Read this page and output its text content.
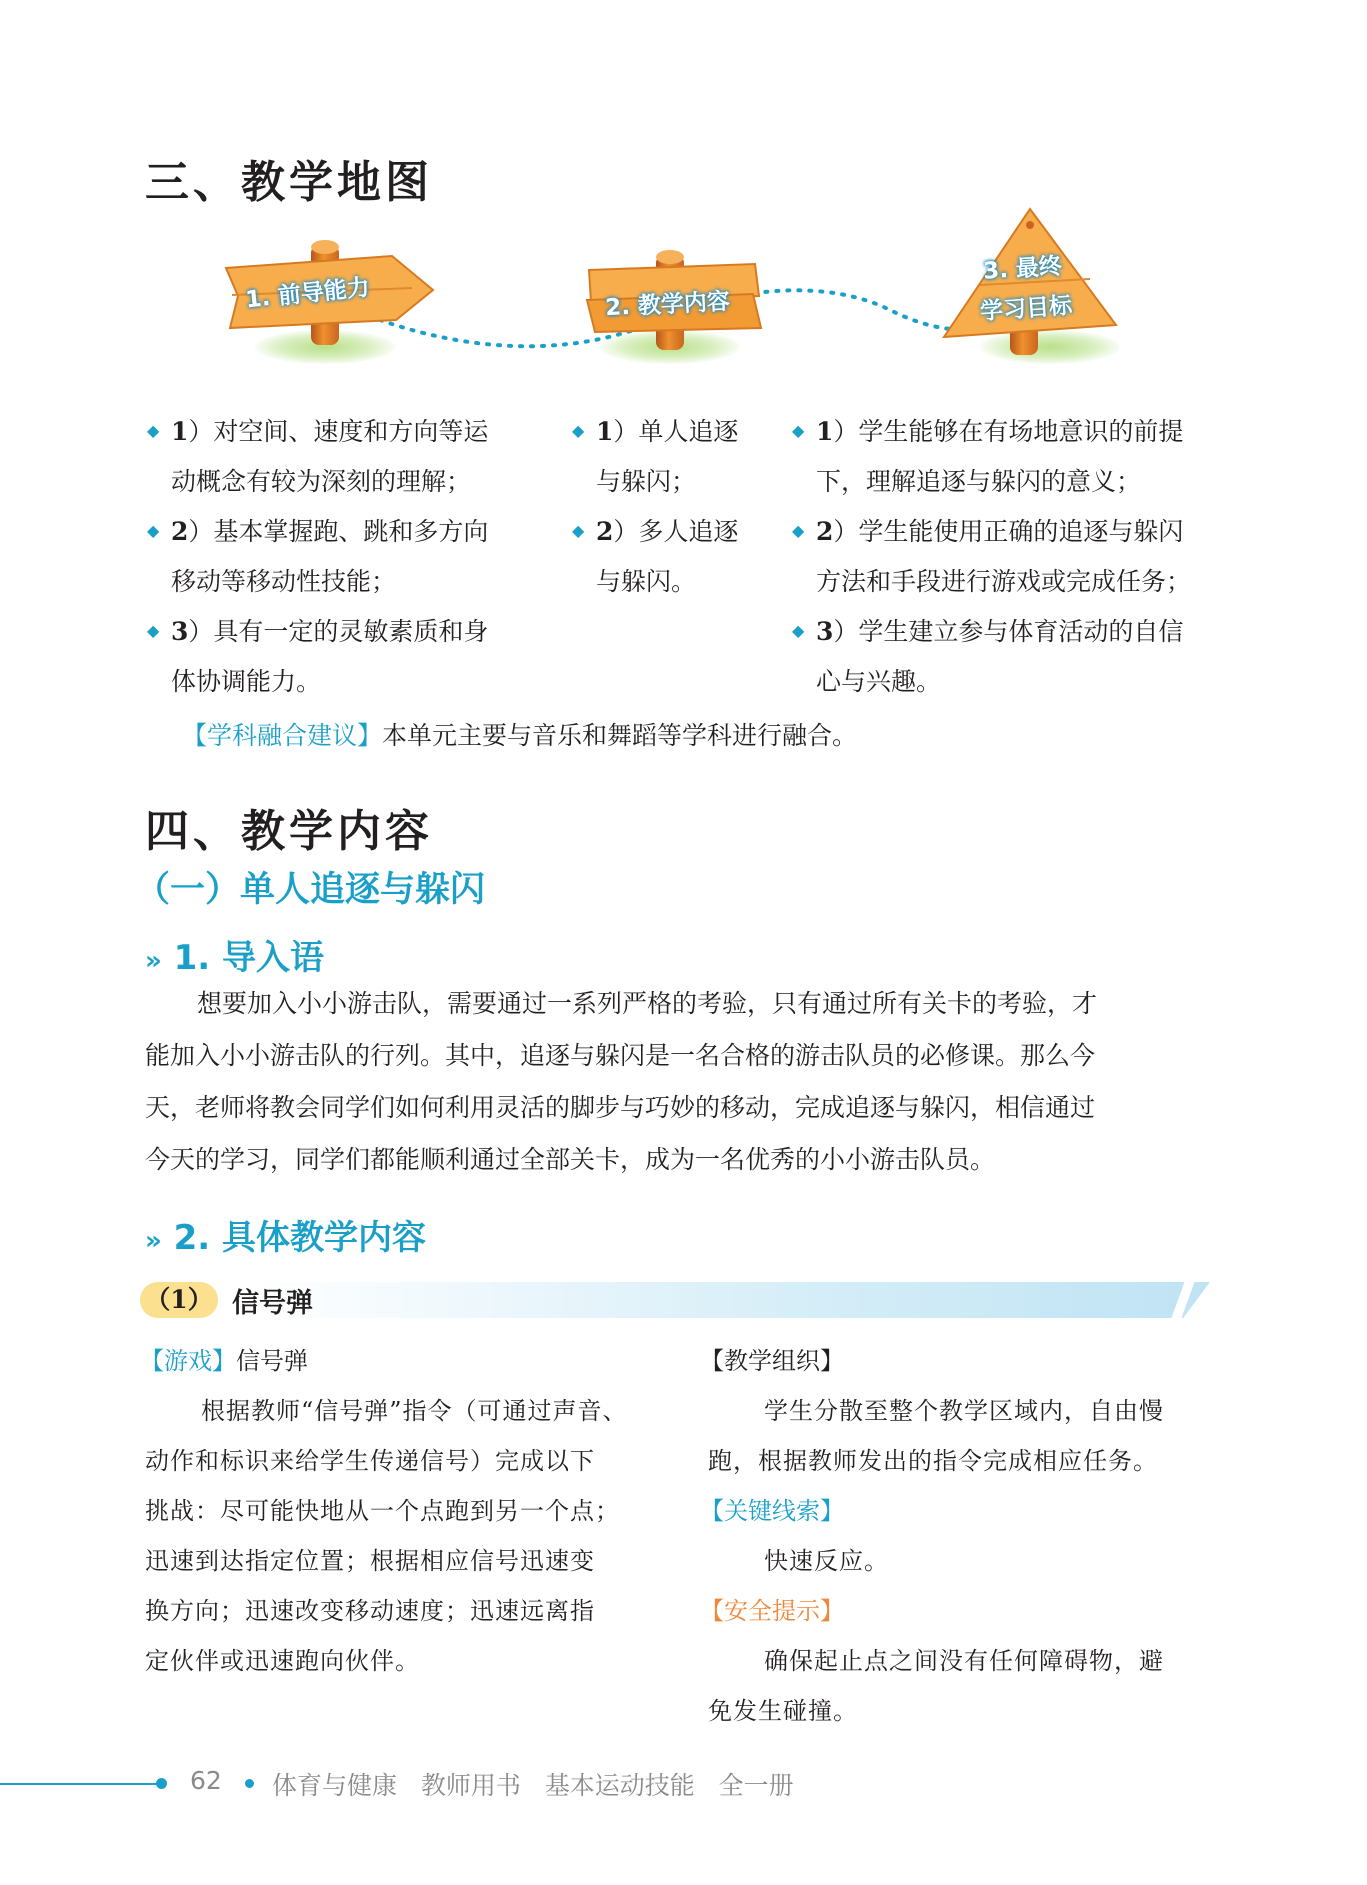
三、教学地图
1. 前导能力	2. 教学内容
3. 最终
学习目标
◆ 1）对空间、速度和方向等运
动概念有较为深刻的理解；
◆ 2）基本掌握跑、跳和多方向
移动等移动性技能；
◆ 3）具有一定的灵敏素质和身
体协调能力。
◆ 1）单人追逐
与躲闪；
◆ 2）多人追逐
与躲闪。
◆ 1）学生能够在有场地意识的前提
下，理解追逐与躲闪的意义；
◆ 2）学生能使用正确的追逐与躲闪
方法和手段进行游戏或完成任务；
◆ 3）学生建立参与体育活动的自信
心与兴趣。
【学科融合建议】本单元主要与音乐和舞蹈等学科进行融合。
四、教学内容
（一）单人追逐与躲闪
» 1. 导入语
想要加入小小游击队，需要通过一系列严格的考验，只有通过所有关卡的考验，才
能加入小小游击队的行列。其中，追逐与躲闪是一名合格的游击队员的必修课。那么今
天，老师将教会同学们如何利用灵活的脚步与巧妙的移动，完成追逐与躲闪，相信通过
今天的学习，同学们都能顺利通过全部关卡，成为一名优秀的小小游击队员。
» 2. 具体教学内容
（1） 信号弹
【游戏】信号弹
根据教师“信号弹”指令（可通过声音、
动作和标识来给学生传递信号）完成以下
挑战：尽可能快地从一个点跑到另一个点；
迅速到达指定位置；根据相应信号迅速变
换方向；迅速改变移动速度；迅速远离指
定伙伴或迅速跑向伙伴。
【教学组织】
学生分散至整个教学区域内，自由慢
跑，根据教师发出的指令完成相应任务。
【关键线索】
快速反应。
【安全提示】
确保起止点之间没有任何障碍物，避
免发生碰撞。
62 体育与健康 教师用书 基本运动技能 全一册
